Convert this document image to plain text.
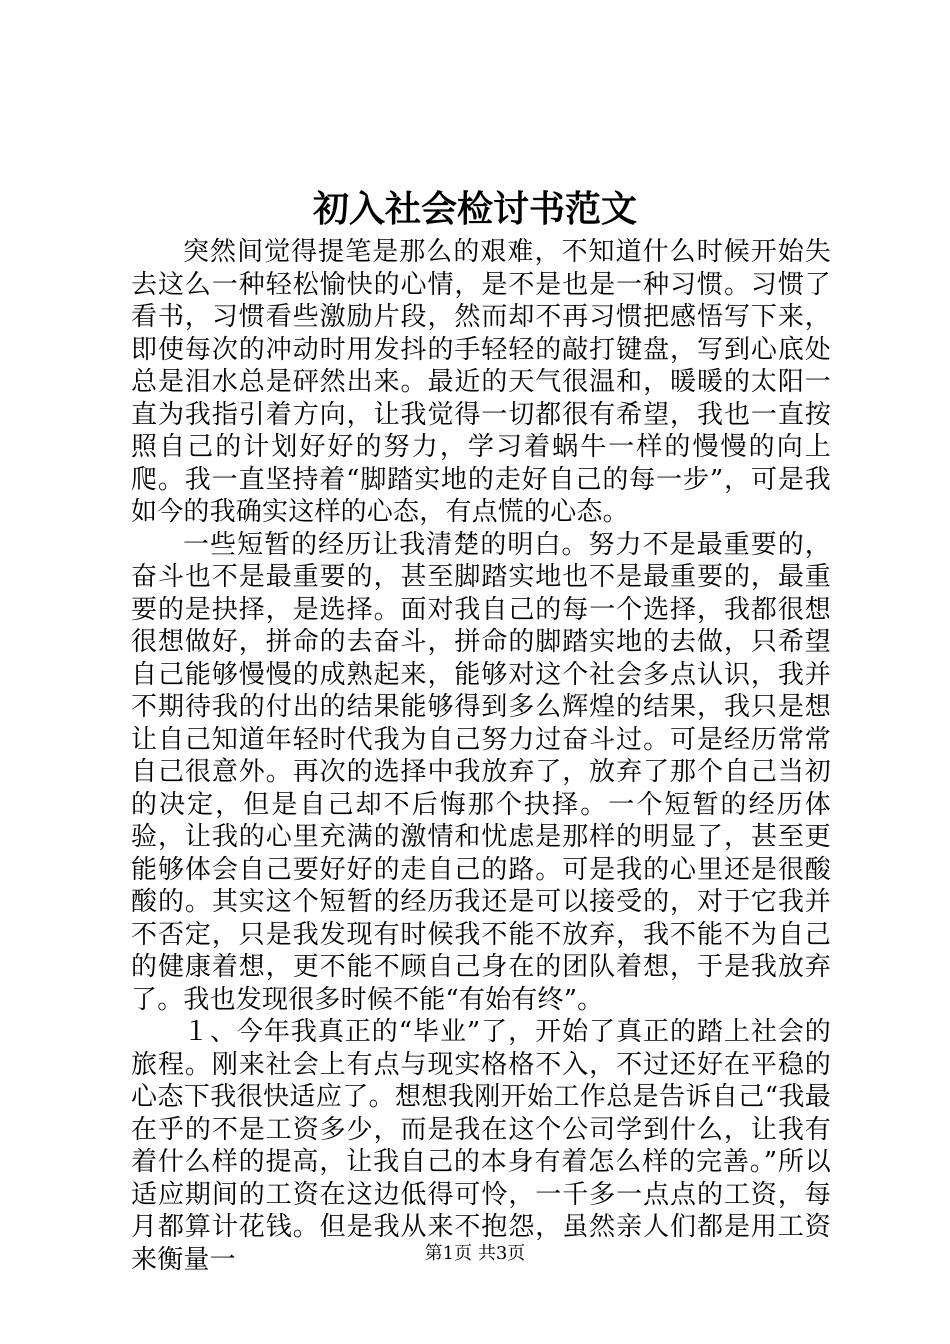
初入社会检讨书范文

突然间觉得提笔是那么的艰难，不知道什么时候开始失去这么一种轻松愉快的心情，是不是也是一种习惯。习惯了看书，习惯看些激励片段，然而却不再习惯把感悟写下来，即使每次的冲动时用发抖的手轻轻的敲打键盘，写到心底处总是泪水总是砰然出来。最近的天气很温和，暖暖的太阳一直为我指引着方向，让我觉得一切都很有希望，我也一直按照自己的计划好好的努力，学习着蜗牛一样的慢慢的向上爬。我一直坚持着“脚踏实地的走好自己的每一步”，可是我如今的我确实这样的心态，有点慌的心态。

一些短暂的经历让我清楚的明白。努力不是最重要的，奋斗也不是最重要的，甚至脚踏实地也不是最重要的，最重要的是抉择，是选择。面对我自己的每一个选择，我都很想很想做好，拼命的去奋斗，拼命的脚踏实地的去做，只希望自己能够慢慢的成熟起来，能够对这个社会多点认识，我并不期待我的付出的结果能够得到多么辉煌的结果，我只是想让自己知道年轻时代我为自己努力过奋斗过。可是经历常常自己很意外。再次的选择中我放弃了，放弃了那个自己当初的决定，但是自己却不后悔那个抉择。一个短暂的经历体验，让我的心里充满的激情和忧虑是那样的明显了，甚至更能够体会自己要好好的走自己的路。可是我的心里还是很酸酸的。其实这个短暂的经历我还是可以接受的，对于它我并不否定，只是我发现有时候我不能不放弃，我不能不为自己的健康着想，更不能不顾自己身在的团队着想，于是我放弃了。我也发现很多时候不能“有始有终”。

１、今年我真正的“毕业”了，开始了真正的踏上社会的旅程。刚来社会上有点与现实格格不入，不过还好在平稳的心态下我很快适应了。想想我刚开始工作总是告诉自己“我最在乎的不是工资多少，而是我在这个公司学到什么，让我有着什么样的提高，让我自己的本身有着怎么样的完善。”所以适应期间的工资在这边低得可怜，一千多一点点的工资，每月都算计花钱。但是我从来不抱怨，虽然亲人们都是用工资来衡量一	第1页 共3页
